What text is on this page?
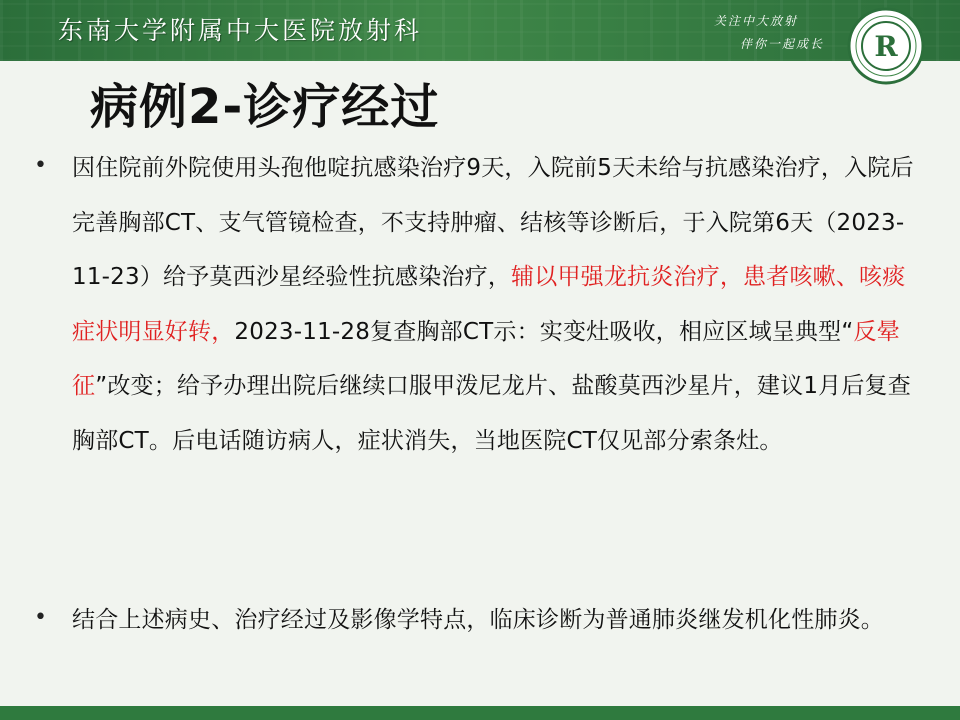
东南大学附属中大医院放射科	关注中大放射
伴你一起成长 R
病例2-诊疗经过
• 因住院前外院使用头孢他啶抗感染治疗9天，入院前5天未给与抗感染治疗，入院后完善胸部CT、支气管镜检查，不支持肿瘤、结核等诊断后，于入院第6天（2023-11-23）给予莫西沙星经验性抗感染治疗，辅以甲强龙抗炎治疗，患者咳嗽、咳痰症状明显好转，2023-11-28复查胸部CT示：实变灶吸收，相应区域呈典型“反晕征”改变；给予办理出院后继续口服甲泼尼龙片、盐酸莫西沙星片，建议1月后复查胸部CT。后电话随访病人，症状消失，当地医院CT仅见部分索条灶。
• 结合上述病史、治疗经过及影像学特点，临床诊断为普通肺炎继发机化性肺炎。
